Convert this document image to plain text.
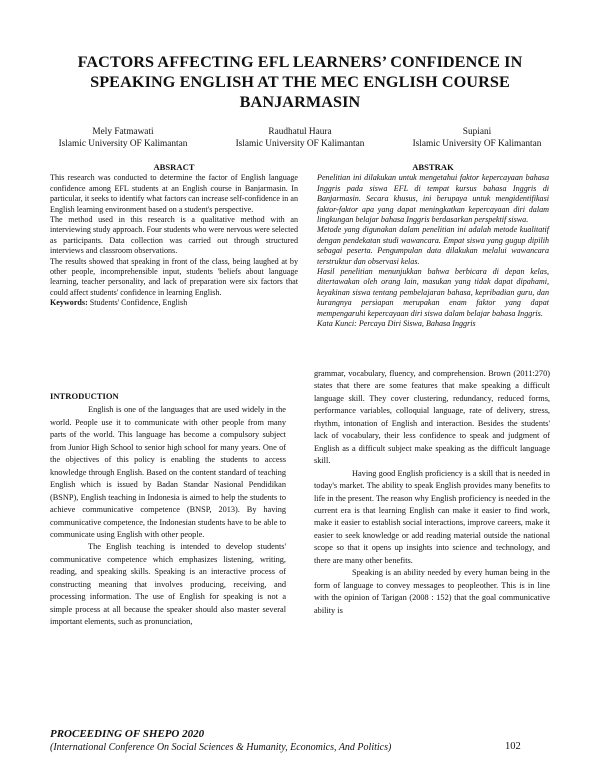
FACTORS AFFECTING EFL LEARNERS’ CONFIDENCE IN SPEAKING ENGLISH AT THE MEC ENGLISH COURSE BANJARMASIN
Mely Fatmawati
Islamic University OF Kalimantan
Raudhatul Haura
Islamic University OF Kalimantan
Supiani
Islamic University OF Kalimantan

ABSRACT

This research was conducted to determine the factor of English language confidence among EFL students at an English course in Banjarmasin. In particular, it seeks to identify what factors can increase self-confidence in an English learning environment based on a student's perspective.

The method used in this research is a qualitative method with an interviewing study approach. Four students who were nervous were selected as participants. Data collection was carried out through structured interviews and classroom observations.

The results showed that speaking in front of the class, being laughed at by other people, incomprehensible input, students 'beliefs about language learning, teacher personality, and lack of preparation were six factors that could affect students' confidence in learning English.

Keywords: Students' Confidence, English

ABSTRAK

Penelitian ini dilakukan untuk mengetahui faktor kepercayaan bahasa Inggris pada siswa EFL di tempat kursus bahasa Inggris di Banjarmasin. Secara khusus, ini berupaya untuk mengidentifikasi faktor-faktor apa yang dapat meningkatkan kepercayaan diri dalam lingkungan belajar bahasa Inggris berdasarkan perspektif siswa.

Metode yang digunakan dalam penelitian ini adalah metode kualitatif dengan pendekatan studi wawancara. Empat siswa yang gugup dipilih sebagai peserta. Pengumpulan data dilakukan melalui wawancara terstruktur dan observasi kelas.

Hasil penelitian menunjukkan bahwa berbicara di depan kelas, ditertawakan oleh orang lain, masukan yang tidak dapat dipahami, keyakinan siswa tentang pembelajaran bahasa, kepribadian guru, dan kurangnya persiapan merupakan enam faktor yang dapat mempengaruhi kepercayaan diri siswa dalam belajar bahasa Inggris.

Kata Kunci: Percaya Diri Siswa, Bahasa Inggris

INTRODUCTION

English is one of the languages that are used widely in the world. People use it to communicate with other people from many parts of the world. This language has become a compulsory subject from Junior High School to senior high school for many years. One of the objectives of this policy is enabling the students to access knowledge through English. Based on the content standard of teaching English which is issued by Badan Standar Nasional Pendidikan (BSNP), English teaching in Indonesia is aimed to help the students to achieve communicative competence (BNSP, 2013). By having communicative competence, the Indonesian students have to be able to communicate using English with other people.

The English teaching is intended to develop students' communicative competence which emphasizes listening, writing, reading, and speaking skills. Speaking is an interactive process of constructing meaning that involves producing, receiving, and processing information. The use of English for speaking is not a simple process at all because the speaker should also master several important elements, such as pronunciation,

grammar, vocabulary, fluency, and comprehension. Brown (2011:270) states that there are some features that make speaking a difficult language skill. They cover clustering, redundancy, reduced forms, performance variables, colloquial language, rate of delivery, stress, rhythm, intonation of English and interaction. Besides the students' lack of vocabulary, their less confidence to speak and judgment of English as a difficult subject make speaking as the difficult language skill.

Having good English proficiency is a skill that is needed in today's market. The ability to speak English provides many benefits to life in the present. The reason why English proficiency is needed in the current era is that learning English can make it easier to find work, make it easier to establish social interactions, improve careers, make it easier to seek knowledge or add reading material outside the national scope so that it opens up insights into science and technology, and there are many other benefits.

Speaking is an ability needed by every human being in the form of language to convey messages to peopleother. This is in line with the opinion of Tarigan (2008 : 152) that the goal communicative ability is

PROCEEDING OF SHEPO 2020
(International Conference On Social Sciences & Humanity, Economics, And Politics)	102
